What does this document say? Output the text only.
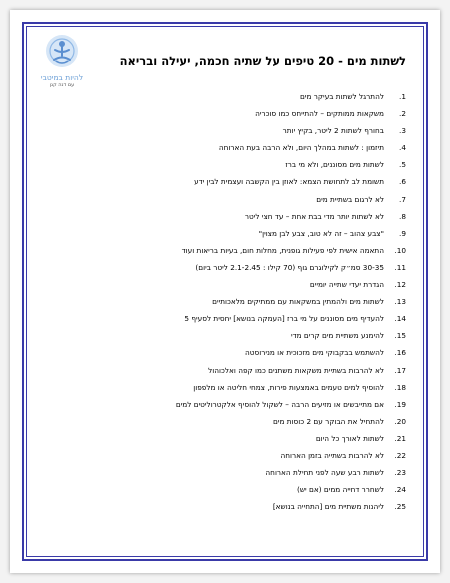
להיות במיטבי
עם דנה קגן
לשתות מים - 20 טיפים על שתיה חכמה, יעילה ובריאה
1.
להתרגל לשתות בעיקר מים
2.
משקאות ממותקים – להתייחס כמו סוכריה
3.
בחורף לשתות 2 ליטר, בקיץ יותר
4.
תיזמון : לשתות במהלך היום, ולא הרבה בעת הארוחה
5.
לשתות מים מסוננים, ולא מי ברז
6.
תשומת לב לתחושת הצמא: לאוזן בין הקשבה ועצמית לבין ידע
7.
לא לרגום בשתיית מים
8.
לא לשתות יותר מדי בבת אחת – עד חצי ליטר
9.
"צבע צהוב – זה לא טוב, צבע לבן מצוין"
10.
התאמה אישית לפי פעילות גופנית, מחלות חום, בעיות בריאות ועוד
11.
30-35 סמ״ק לקילוגרם גוף (70 קילו : 2.1-2.45 ליטר ביום)
12.
הגדרת יעדי שתייה יומיים
13.
לשתות מים ולהמתין במשקאות עם ממתיקים מלאכותיים
14.
להעדיף מים מסוננים על מי ברז [העמקה בנושא] יחסית לסעיף 5
15.
להימנע משתיית מים קרים מדי
16.
להשתמש בבקבוקי מים מזכוכית או מנירוסטה
17.
לא להרבות בשתיית משקאות משתנים כמו קפה ואלכוהול
18.
להוסיף למים טעמים באמצעות פירות, צמחי חליטה או מלפפון
19.
אם מתייבשים או מזיעים הרבה – לשקול להוסיף אלקטרוליטים למים
20.
להתחיל את הבוקר עם 2 כוסות מים
21.
לשתות לאורך כל היום
22.
לא להרבות בשתייה בזמן הארוחה
23.
לשתות רבע שעה לפני תחילת הארוחה
24.
לשחרר דחייה ממים (אם יש)
25.
ליהנות משתיית מים [התחייה בנושא]
